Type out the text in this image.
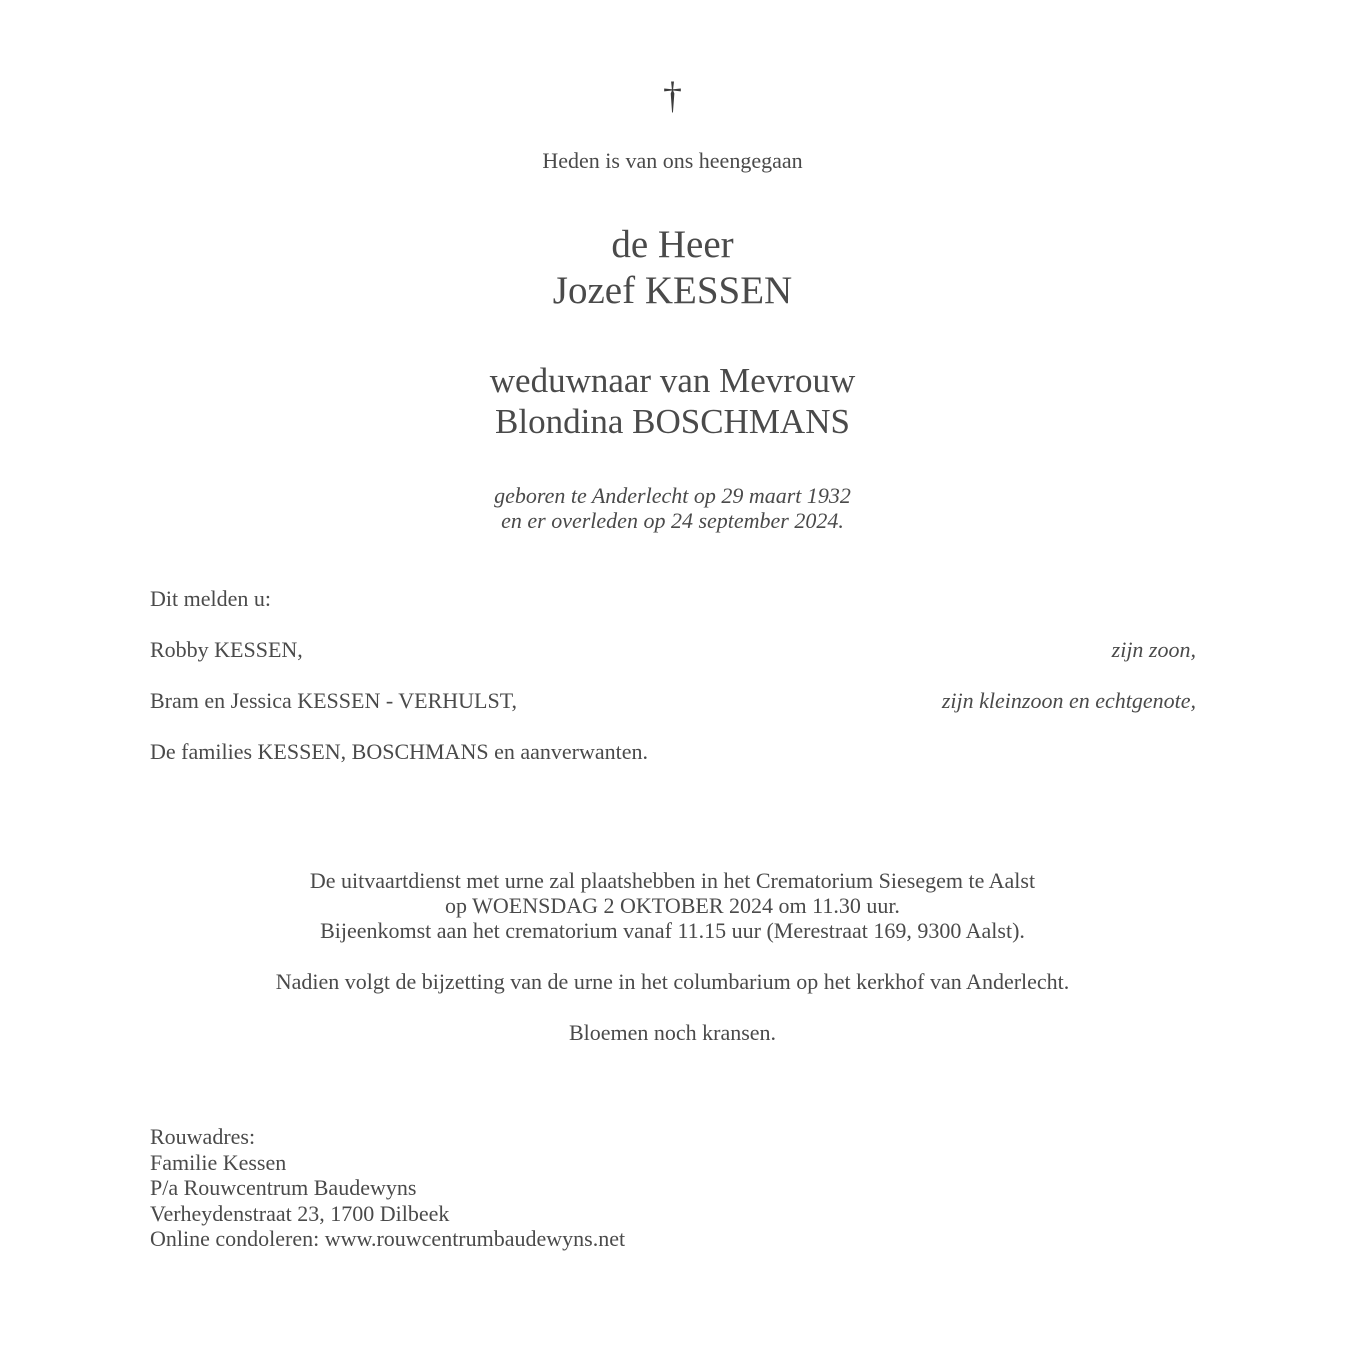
†
Heden is van ons heengegaan
de Heer
Jozef KESSEN
weduwnaar van Mevrouw
Blondina BOSCHMANS
geboren te Anderlecht op 29 maart 1932
en er overleden op 24 september 2024.
Dit melden u:
Robby KESSEN,	zijn zoon,
Bram en Jessica KESSEN - VERHULST,	zijn kleinzoon en echtgenote,
De families KESSEN, BOSCHMANS en aanverwanten.

De uitvaartdienst met urne zal plaatshebben in het Crematorium Siesegem te Aalst

op WOENSDAG 2 OKTOBER 2024 om 11.30 uur.

Bijeenkomst aan het crematorium vanaf 11.15 uur (Merestraat 169, 9300 Aalst).

Nadien volgt de bijzetting van de urne in het columbarium op het kerkhof van Anderlecht.

Bloemen noch kransen.

Rouwadres:
Familie Kessen
P/a Rouwcentrum Baudewyns
Verheydenstraat 23, 1700 Dilbeek
Online condoleren: www.rouwcentrumbaudewyns.net
